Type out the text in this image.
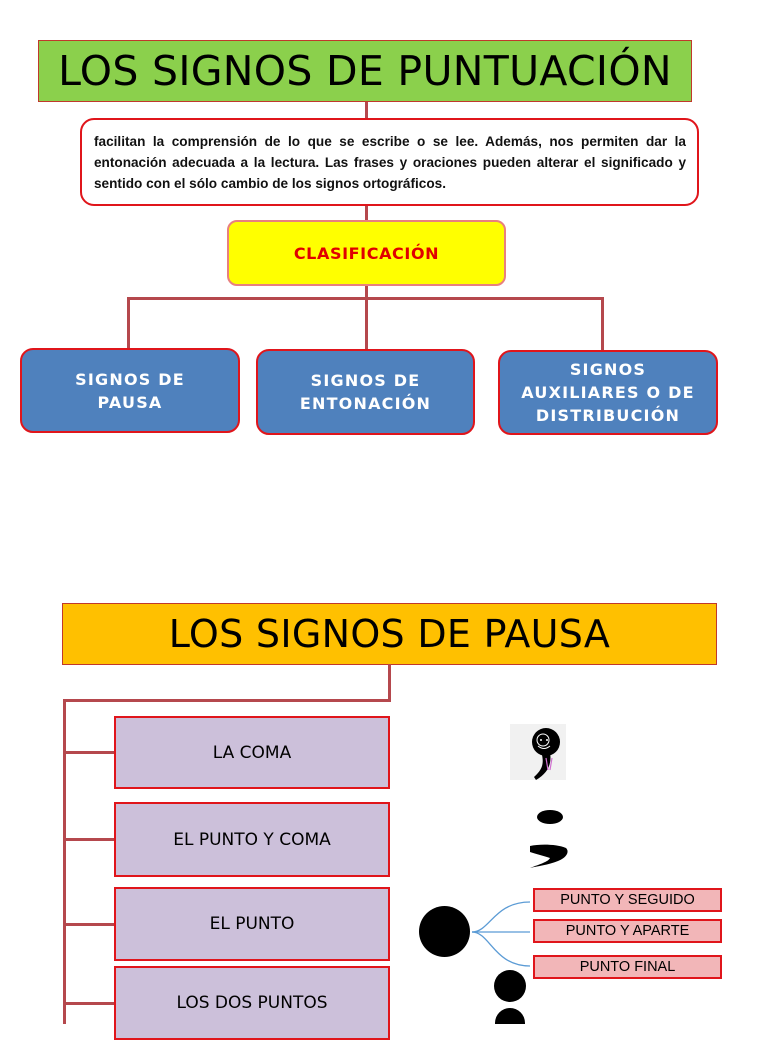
LOS SIGNOS DE PUNTUACIÓN
facilitan la comprensión de lo que se escribe o se lee. Además, nos permiten dar la entonación adecuada a la lectura. Las frases y oraciones pueden alterar el significado y sentido con el sólo cambio de los signos ortográficos.
CLASIFICACIÓN
SIGNOS DE PAUSA
SIGNOS DE ENTONACIÓN
SIGNOS AUXILIARES O DE DISTRIBUCIÓN
LOS SIGNOS DE PAUSA
LA COMA
EL PUNTO Y COMA
EL PUNTO
LOS DOS PUNTOS
PUNTO Y SEGUIDO
PUNTO Y APARTE
PUNTO FINAL
